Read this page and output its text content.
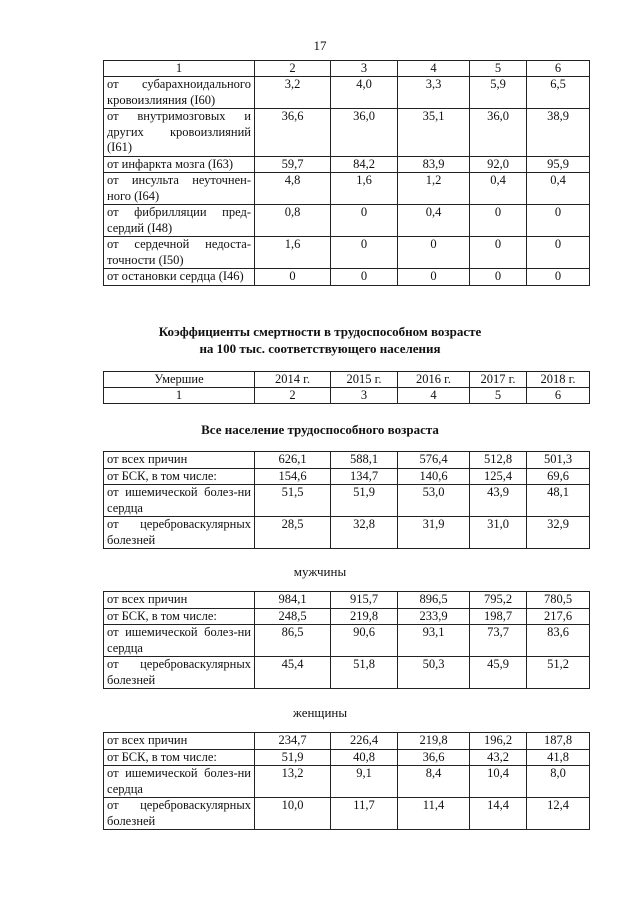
17
1	2	3	4	5	6
от субарахноидального кровоизлияния (I60)	3,2	4,0	3,3	5,9	6,5
от внутримозговых и других кровоизлияний (I61)	36,6	36,0	35,1	36,0	38,9
от инфаркта мозга (I63)	59,7	84,2	83,9	92,0	95,9
от инсульта неуточнен-ного (I64)	4,8	1,6	1,2	0,4	0,4
от фибрилляции пред-сердий (I48)	0,8	0	0,4	0	0
от сердечной недоста-точности (I50)	1,6	0	0	0	0
от остановки сердца (I46)	0	0	0	0	0
Коэффициенты смертности в трудоспособном возрасте
на 100 тыс. соответствующего населения
Умершие	2014 г.	2015 г.	2016 г.	2017 г.	2018 г.
1	2	3	4	5	6
Все население трудоспособного возраста
от всех причин	626,1	588,1	576,4	512,8	501,3
от БСК, в том числе:	154,6	134,7	140,6	125,4	69,6
от ишемической болез-ни сердца	51,5	51,9	53,0	43,9	48,1
от цереброваскулярных болезней	28,5	32,8	31,9	31,0	32,9
мужчины
от всех причин	984,1	915,7	896,5	795,2	780,5
от БСК, в том числе:	248,5	219,8	233,9	198,7	217,6
от ишемической болез-ни сердца	86,5	90,6	93,1	73,7	83,6
от цереброваскулярных болезней	45,4	51,8	50,3	45,9	51,2
женщины
от всех причин	234,7	226,4	219,8	196,2	187,8
от БСК, в том числе:	51,9	40,8	36,6	43,2	41,8
от ишемической болез-ни сердца	13,2	9,1	8,4	10,4	8,0
от цереброваскулярных болезней	10,0	11,7	11,4	14,4	12,4
